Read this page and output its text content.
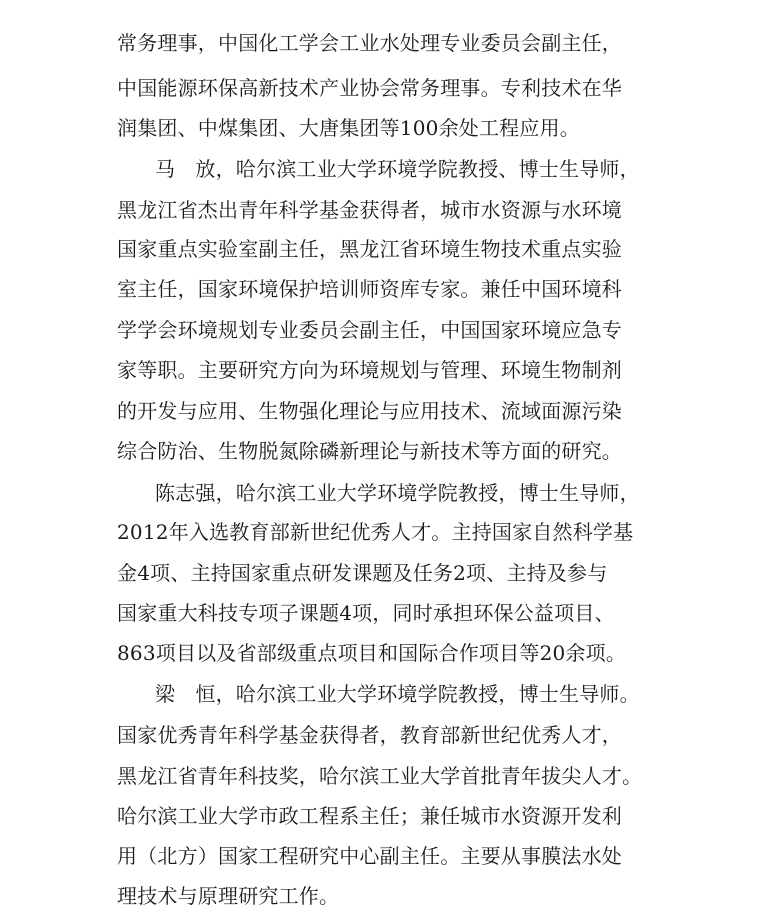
常务理事，中国化工学会工业水处理专业委员会副主任，
中国能源环保高新技术产业协会常务理事。专利技术在华
润集团、中煤集团、大唐集团等100余处工程应用。
马　放，哈尔滨工业大学环境学院教授、博士生导师，
黑龙江省杰出青年科学基金获得者，城市水资源与水环境
国家重点实验室副主任，黑龙江省环境生物技术重点实验
室主任，国家环境保护培训师资库专家。兼任中国环境科
学学会环境规划专业委员会副主任，中国国家环境应急专
家等职。主要研究方向为环境规划与管理、环境生物制剂
的开发与应用、生物强化理论与应用技术、流域面源污染
综合防治、生物脱氮除磷新理论与新技术等方面的研究。
陈志强，哈尔滨工业大学环境学院教授，博士生导师，
2012年入选教育部新世纪优秀人才。主持国家自然科学基
金4项、主持国家重点研发课题及任务2项、主持及参与
国家重大科技专项子课题4项，同时承担环保公益项目、
863项目以及省部级重点项目和国际合作项目等20余项。
梁　恒，哈尔滨工业大学环境学院教授，博士生导师。
国家优秀青年科学基金获得者，教育部新世纪优秀人才，
黑龙江省青年科技奖，哈尔滨工业大学首批青年拔尖人才。
哈尔滨工业大学市政工程系主任；兼任城市水资源开发利
用（北方）国家工程研究中心副主任。主要从事膜法水处
理技术与原理研究工作。
